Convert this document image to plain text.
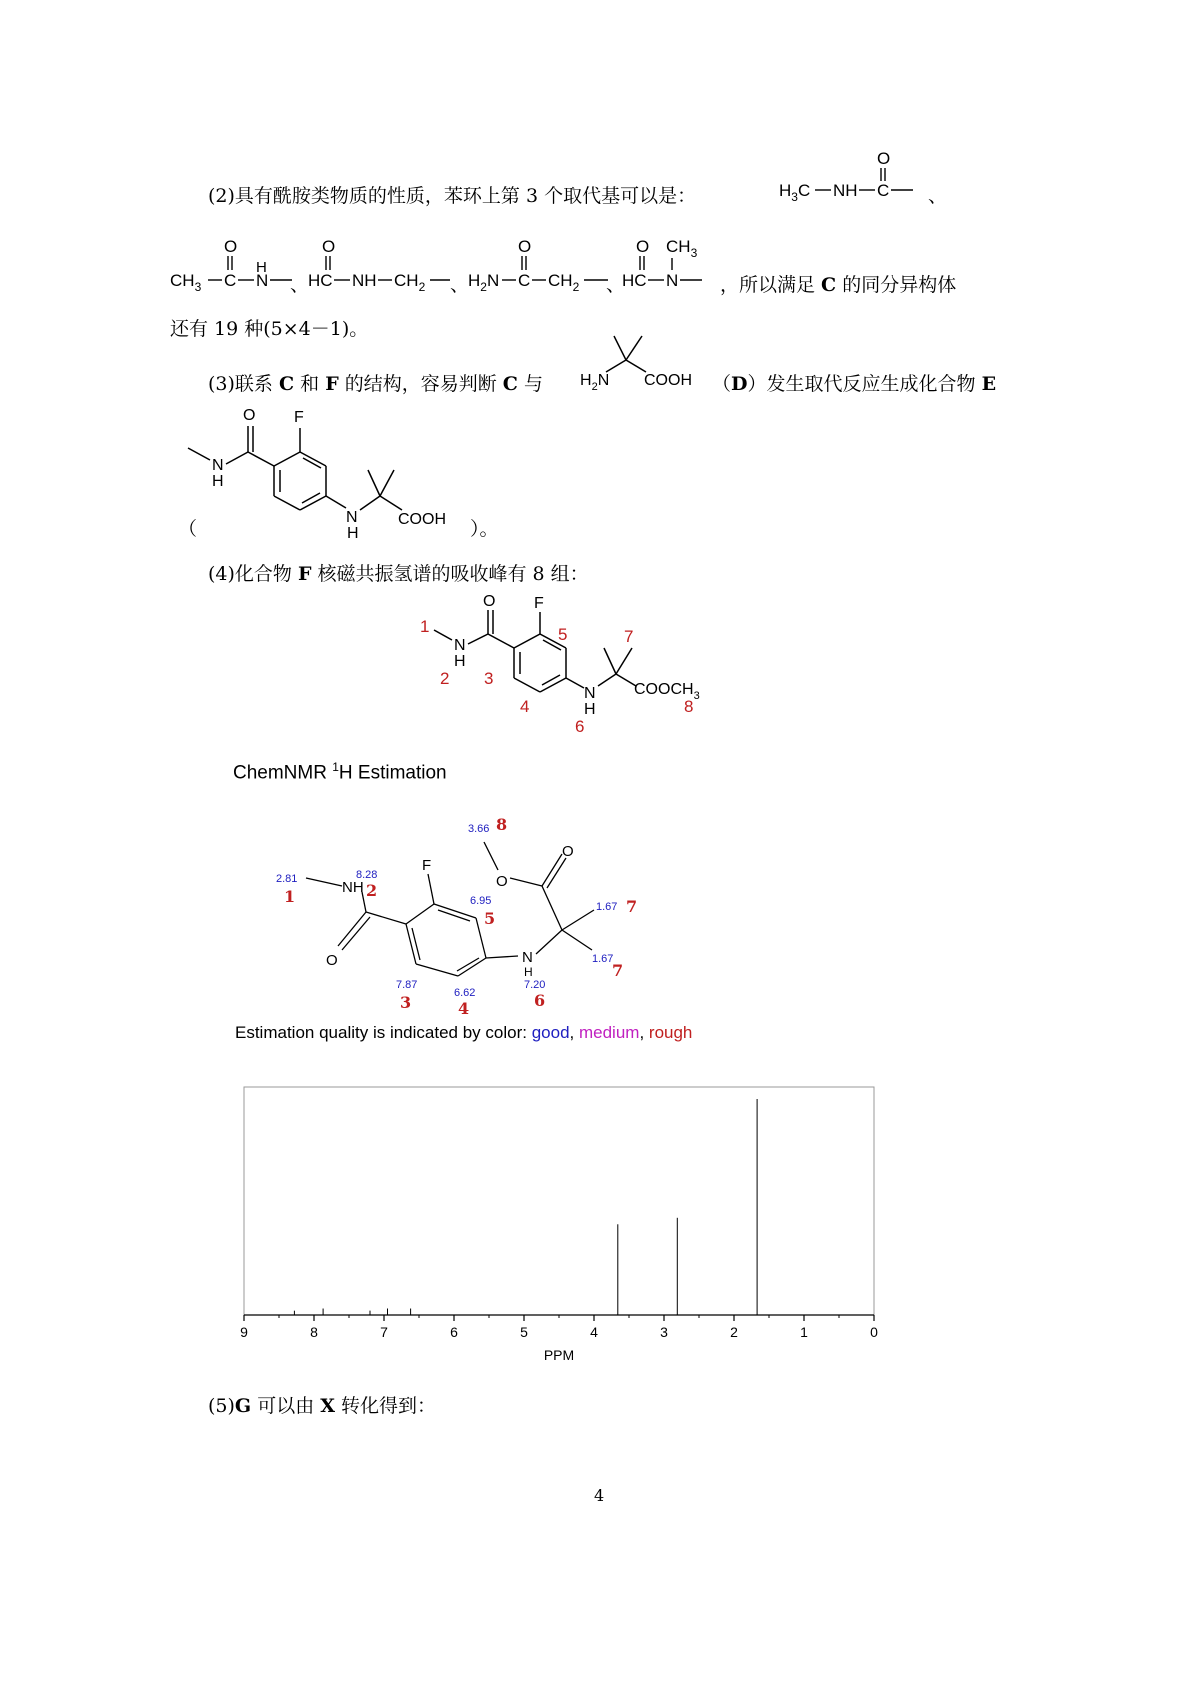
(2)具有酰胺类物质的性质，苯环上第 3 个取代基可以是：	$H_3C$ NH
O
C 、
$CH_3$ C
O
H
N 、
O
HC NH $CH_2$ 、
$H_2N$
O
C $CH_2$ 、
O
HC
$CH_3$
N ，所以满足 C 的同分异构体
还有 19 种(5×4－1)。
(3)联系 C 和 F 的结构，容易判断 C 与 $H_2N$ COOH （D）发生取代反应生成化合物 E
F
O
N
H
N
H
COOH
（	）。
(4)化合物 F 核磁共振氢谱的吸收峰有 8 组：
F
O
N
H
N
H
$COOCH_3$
1
2 3
4
5
6
7
8
ChemNMR $^1$H Estimation
F
O
NH
N
H
O
O
2.81	8.28
6.95	1.67
1.67
7.87
6.62
7.20
3.66
1	2
5
7
7
3	4	6
8
Estimation quality is indicated by color: good, medium, rough
9	8	7	6	5	4	3	2	1	0
PPM
(5)G 可以由 X 转化得到：
4
